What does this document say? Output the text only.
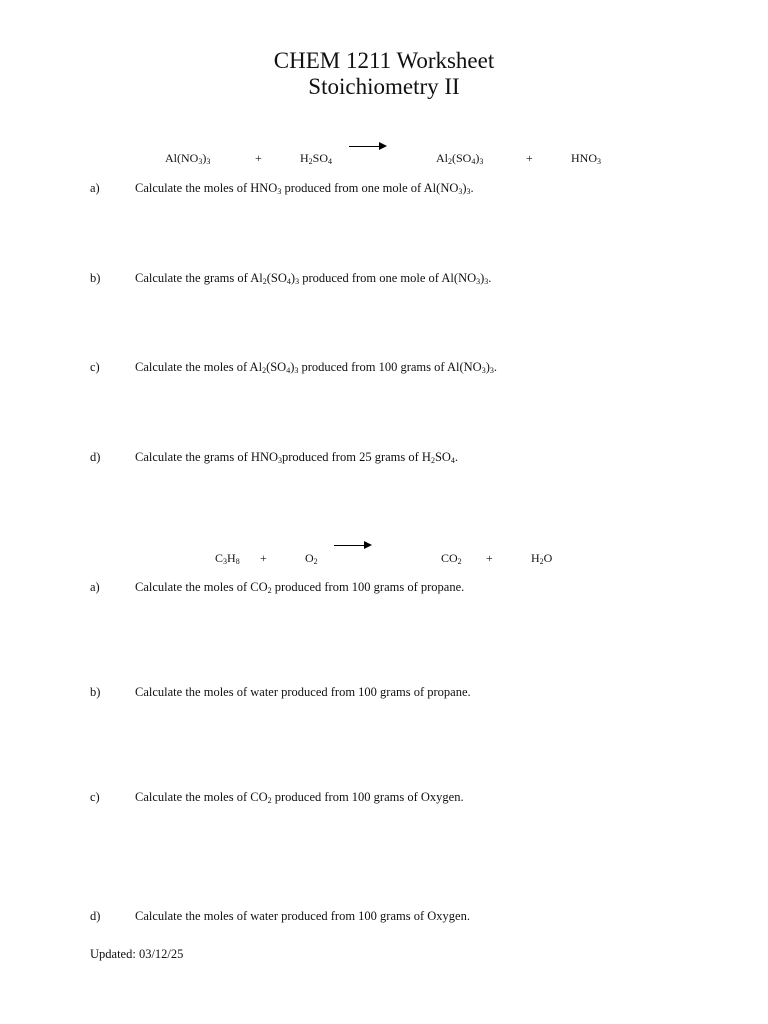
CHEM 1211 Worksheet
Stoichiometry II
$Al(NO_3)_3$	+	$H_2SO_4$	$Al_2(SO_4)_3$	+	$HNO_3$
a)	Calculate the moles of $HNO_3$ produced from one mole of $Al(NO_3)_3$.
b)	Calculate the grams of $Al_2(SO_4)_3$ produced from one mole of $Al(NO_3)_3$.
c)	Calculate the moles of $Al_2(SO_4)_3$ produced from 100 grams of $Al(NO_3)_3$.
d)	Calculate the grams of $HNO_3produced$ from 25 grams of $H_2SO_4$.
$C_3H_8$ +	$O_2$	$CO_2$ +	$H_2O$
a)	Calculate the moles of $CO_2$ produced from 100 grams of propane.
b)	Calculate the moles of water produced from 100 grams of propane.
c)	Calculate the moles of $CO_2$ produced from 100 grams of Oxygen.
d)	Calculate the moles of water produced from 100 grams of Oxygen.
Updated: 03/12/25
